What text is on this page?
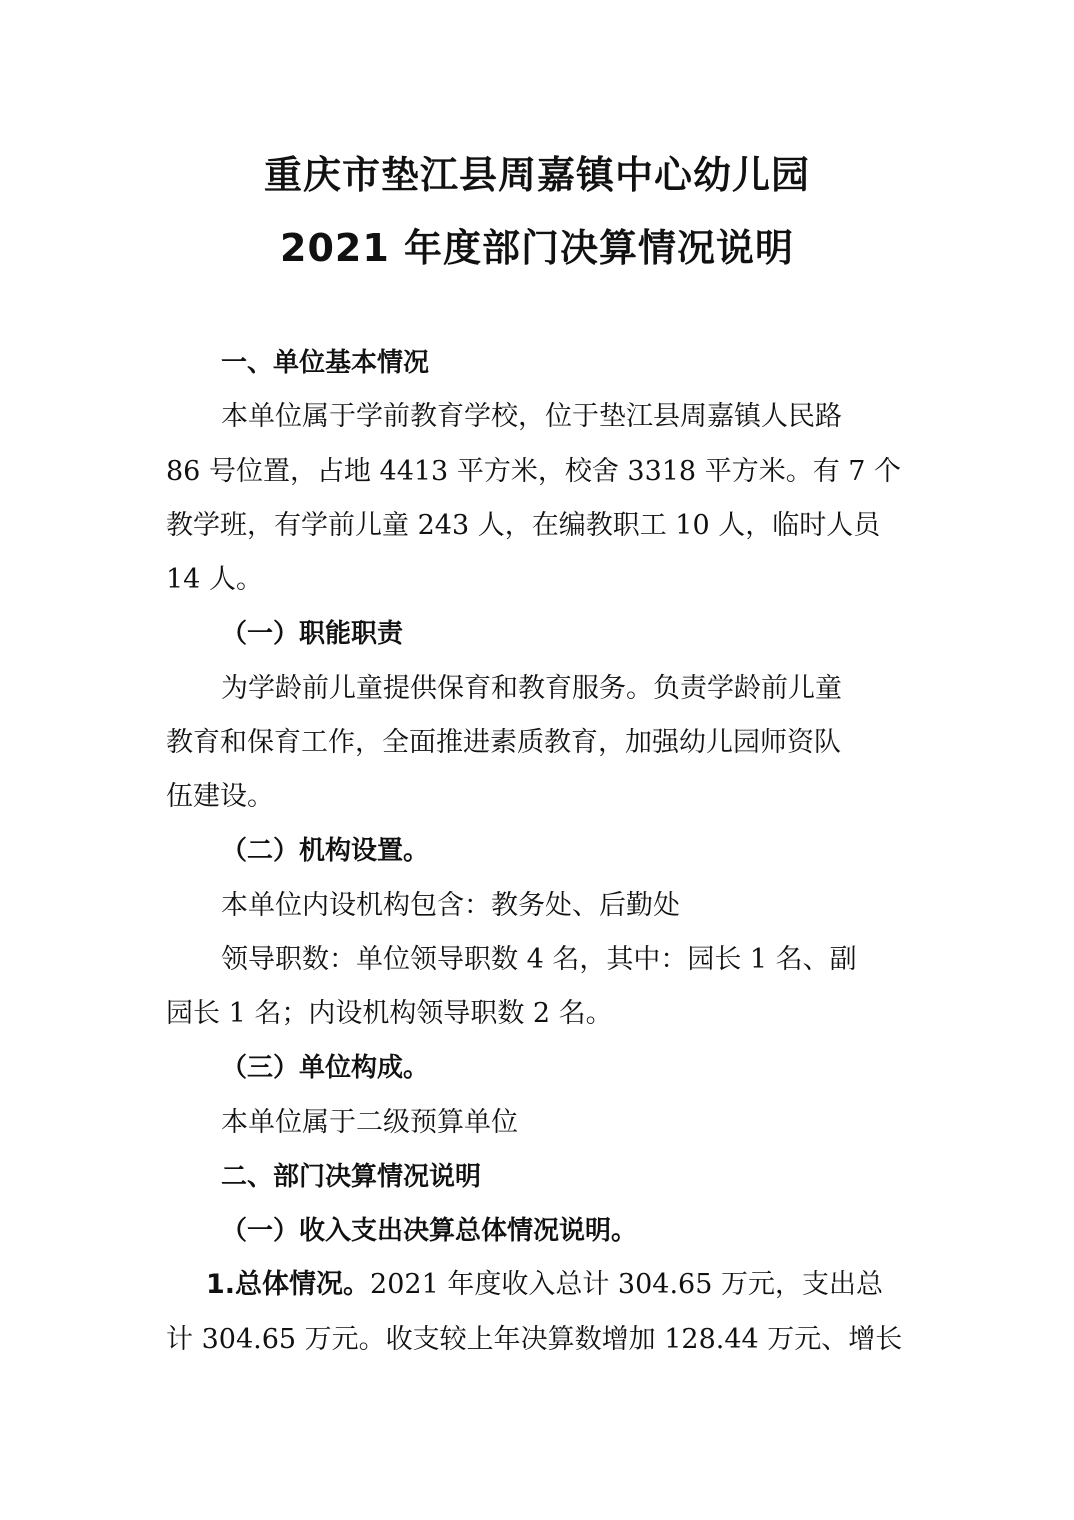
重庆市垫江县周嘉镇中心幼儿园
2021 年度部门决算情况说明
一、单位基本情况
本单位属于学前教育学校，位于垫江县周嘉镇人民路
86 号位置，占地 4413 平方米，校舍 3318 平方米。有 7 个
教学班，有学前儿童 243 人，在编教职工 10 人，临时人员
14 人。
（一）职能职责
为学龄前儿童提供保育和教育服务。负责学龄前儿童
教育和保育工作，全面推进素质教育，加强幼儿园师资队
伍建设。
（二）机构设置。
本单位内设机构包含：教务处、后勤处
领导职数：单位领导职数 4 名，其中：园长 1 名、副
园长 1 名；内设机构领导职数 2 名。
（三）单位构成。
本单位属于二级预算单位
二、部门决算情况说明
（一）收入支出决算总体情况说明。
1.总体情况。2021 年度收入总计 304.65 万元，支出总
计 304.65 万元。收支较上年决算数增加 128.44 万元、增长
